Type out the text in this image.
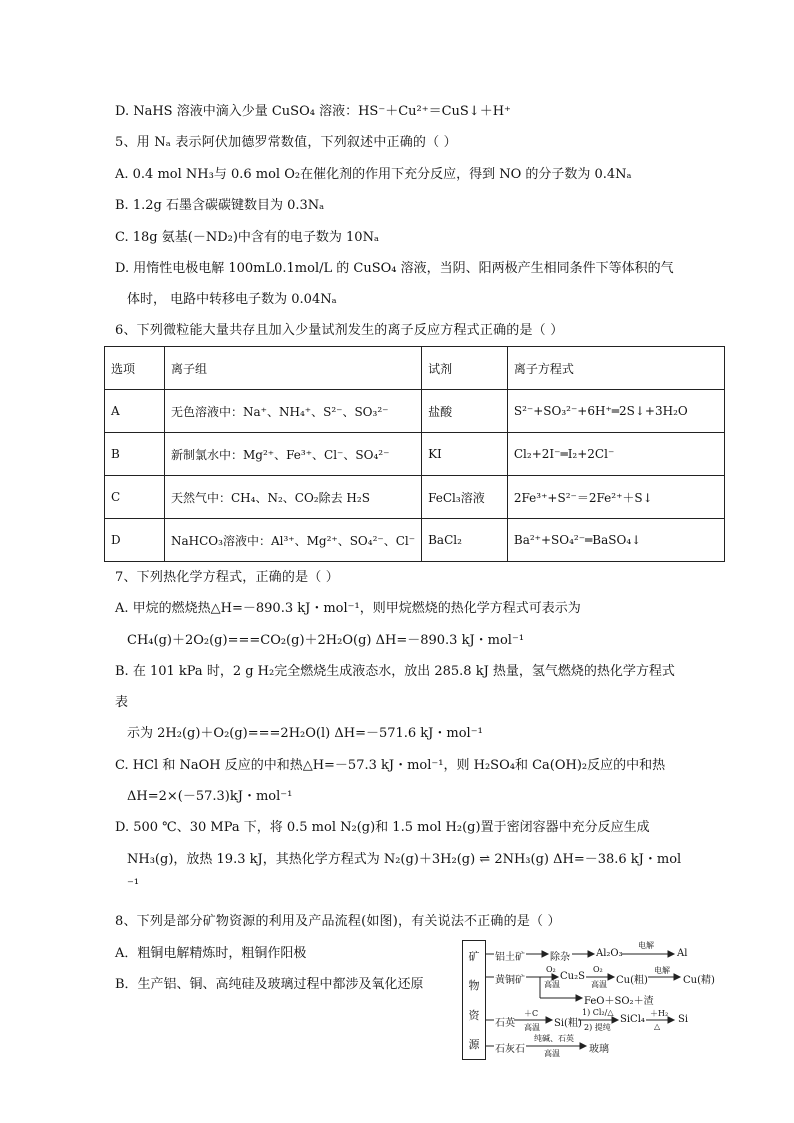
D. NaHS 溶液中滴入少量 CuSO₄ 溶液：HS⁻＋Cu²⁺＝CuS↓＋H⁺
5、用 Nₐ 表示阿伏加德罗常数值，下列叙述中正确的（ ）
A. 0.4 mol NH₃与 0.6 mol O₂在催化剂的作用下充分反应，得到 NO 的分子数为 0.4Nₐ
B. 1.2g 石墨含碳碳键数目为 0.3Nₐ
C. 18g 氨基(－ND₂)中含有的电子数为 10Nₐ
D. 用惰性电极电解 100mL0.1mol/L 的 CuSO₄ 溶液，当阴、阳两极产生相同条件下等体积的气
体时， 电路中转移电子数为 0.04Nₐ
6、下列微粒能大量共存且加入少量试剂发生的离子反应方程式正确的是（ ）
选项	离子组	试剂	离子方程式
A	无色溶液中：Na⁺、NH₄⁺、S²⁻、SO₃²⁻	盐酸	S²⁻+SO₃²⁻+6H⁺═2S↓+3H₂O
B	新制氯水中：Mg²⁺、Fe³⁺、Cl⁻、SO₄²⁻	KI	Cl₂+2I⁻═I₂+2Cl⁻
C	天然气中：CH₄、N₂、CO₂除去 H₂S	FeCl₃溶液	2Fe³⁺+S²⁻＝2Fe²⁺＋S↓
D	NaHCO₃溶液中：Al³⁺、Mg²⁺、SO₄²⁻、Cl⁻	BaCl₂	Ba²⁺+SO₄²⁻═BaSO₄↓
7、下列热化学方程式，正确的是（ ）
A. 甲烷的燃烧热△H=－890.3 kJ・mol⁻¹，则甲烷燃烧的热化学方程式可表示为
CH₄(g)＋2O₂(g)===CO₂(g)＋2H₂O(g) ΔH=－890.3 kJ・mol⁻¹
B. 在 101 kPa 时，2 g H₂完全燃烧生成液态水，放出 285.8 kJ 热量，氢气燃烧的热化学方程式
表
示为 2H₂(g)＋O₂(g)===2H₂O(l) ΔH=－571.6 kJ・mol⁻¹
C. HCl 和 NaOH 反应的中和热△H=－57.3 kJ・mol⁻¹，则 H₂SO₄和 Ca(OH)₂反应的中和热
ΔH=2×(－57.3)kJ・mol⁻¹
D. 500 ℃、30 MPa 下，将 0.5 mol N₂(g)和 1.5 mol H₂(g)置于密闭容器中充分反应生成
NH₃(g)，放热 19.3 kJ，其热化学方程式为 N₂(g)＋3H₂(g) ⇌ 2NH₃(g) ΔH=－38.6 kJ・mol
⁻¹
8、下列是部分矿物资源的利用及产品流程(如图)，有关说法不正确的是（ ）
A．粗铜电解精炼时，粗铜作阳极
B．生产铝、铜、高纯硅及玻璃过程中都涉及氧化还原
矿
物
资
源
铝土矿	除杂	Al₂O₃
电解
Al
黄铜矿
O₂
高温
Cu₂S
O₂
高温 Cu(粗)
电解
Cu(精)
FeO＋SO₂＋渣
石英
＋C
高温 Si(粗)
1) Cl₂/△
2) 提纯
SiCl₄
＋H₂
△
Si
石灰石
纯碱、石英
高温	玻璃
